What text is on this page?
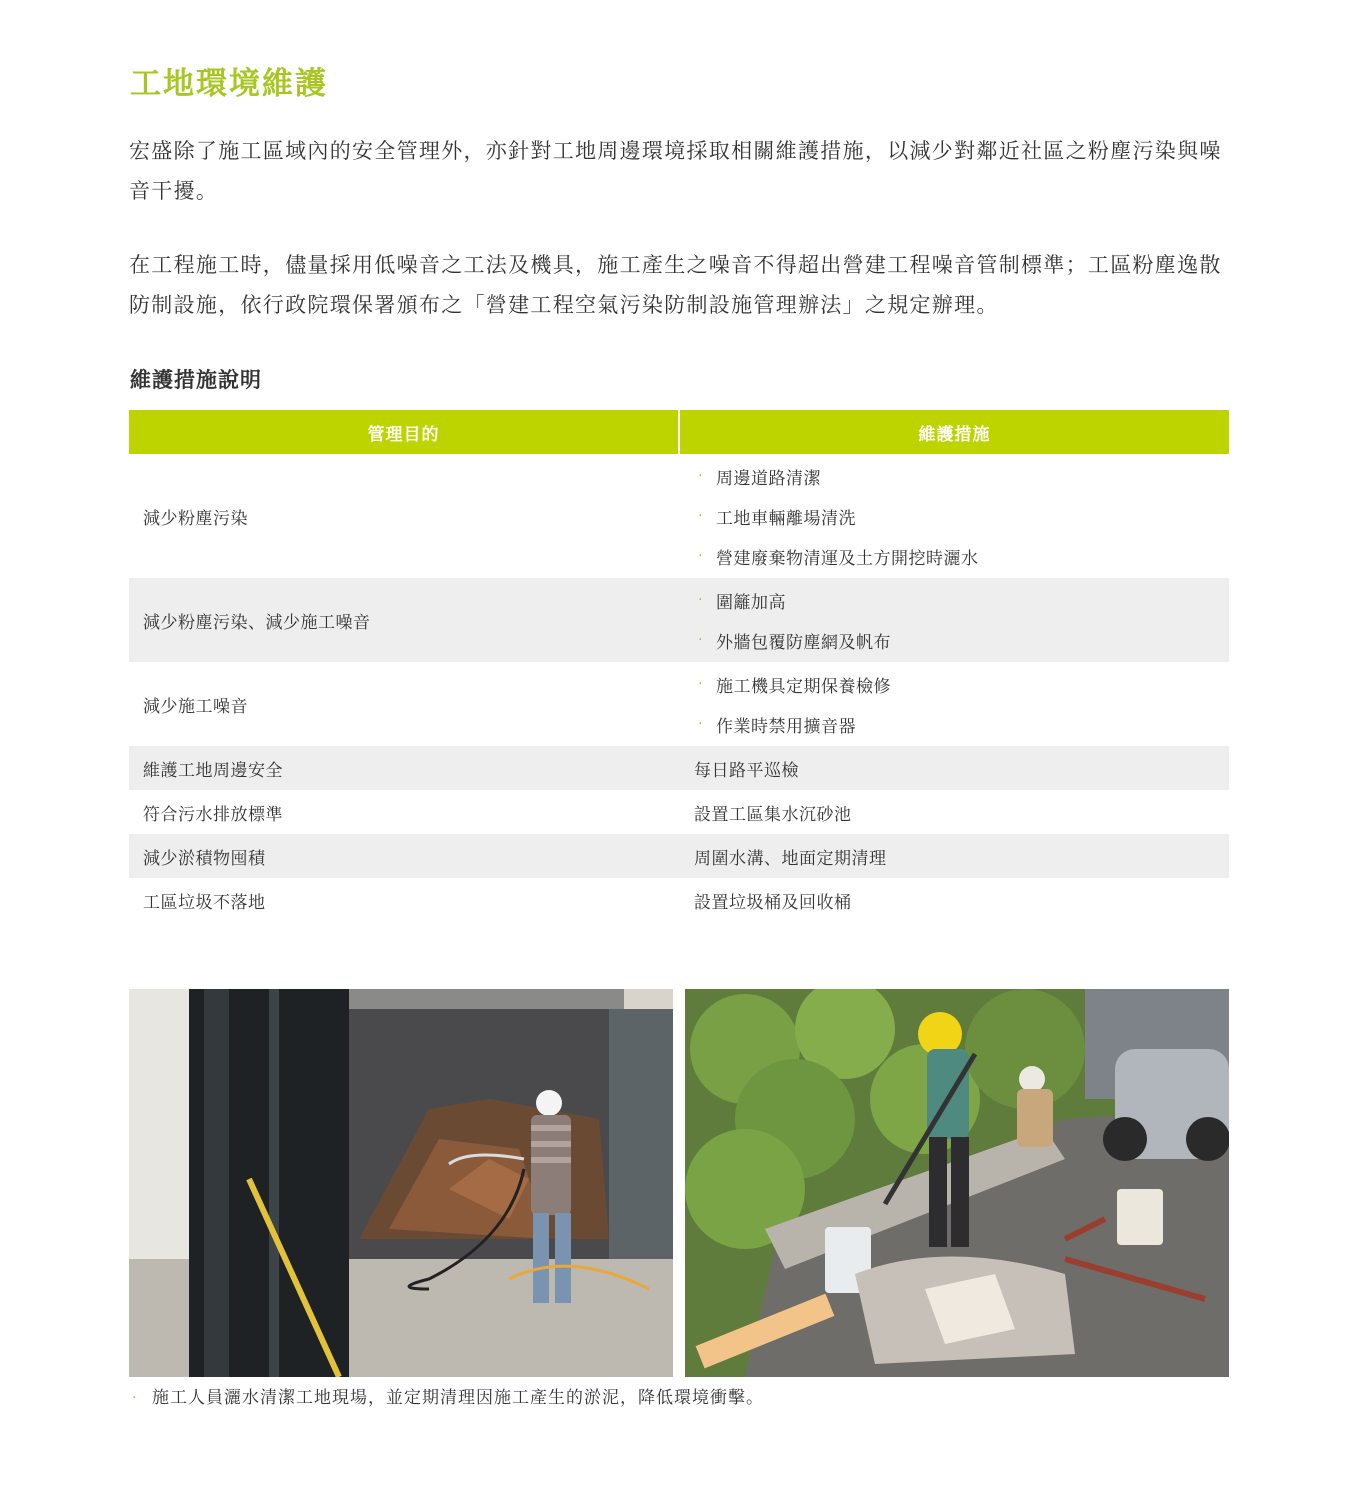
工地環境維護

宏盛除了施工區域內的安全管理外，亦針對工地周邊環境採取相關維護措施，以減少對鄰近社區之粉塵污染與噪音干擾。

在工程施工時，儘量採用低噪音之工法及機具，施工產生之噪音不得超出營建工程噪音管制標準；工區粉塵逸散防制設施，依行政院環保署頒布之「營建工程空氣污染防制設施管理辦法」之規定辦理。

維護措施說明
管理目的	維護措施
減少粉塵污染
· 周邊道路清潔
· 工地車輛離場清洗
· 營建廢棄物清運及土方開挖時灑水
減少粉塵污染、減少施工噪音
· 圍籬加高
· 外牆包覆防塵網及帆布
減少施工噪音
· 施工機具定期保養檢修
· 作業時禁用擴音器
維護工地周邊安全	每日路平巡檢
符合污水排放標準	設置工區集水沉砂池
減少淤積物囤積	周圍水溝、地面定期清理
工區垃圾不落地	設置垃圾桶及回收桶
· 施工人員灑水清潔工地現場，並定期清理因施工產生的淤泥，降低環境衝擊。
